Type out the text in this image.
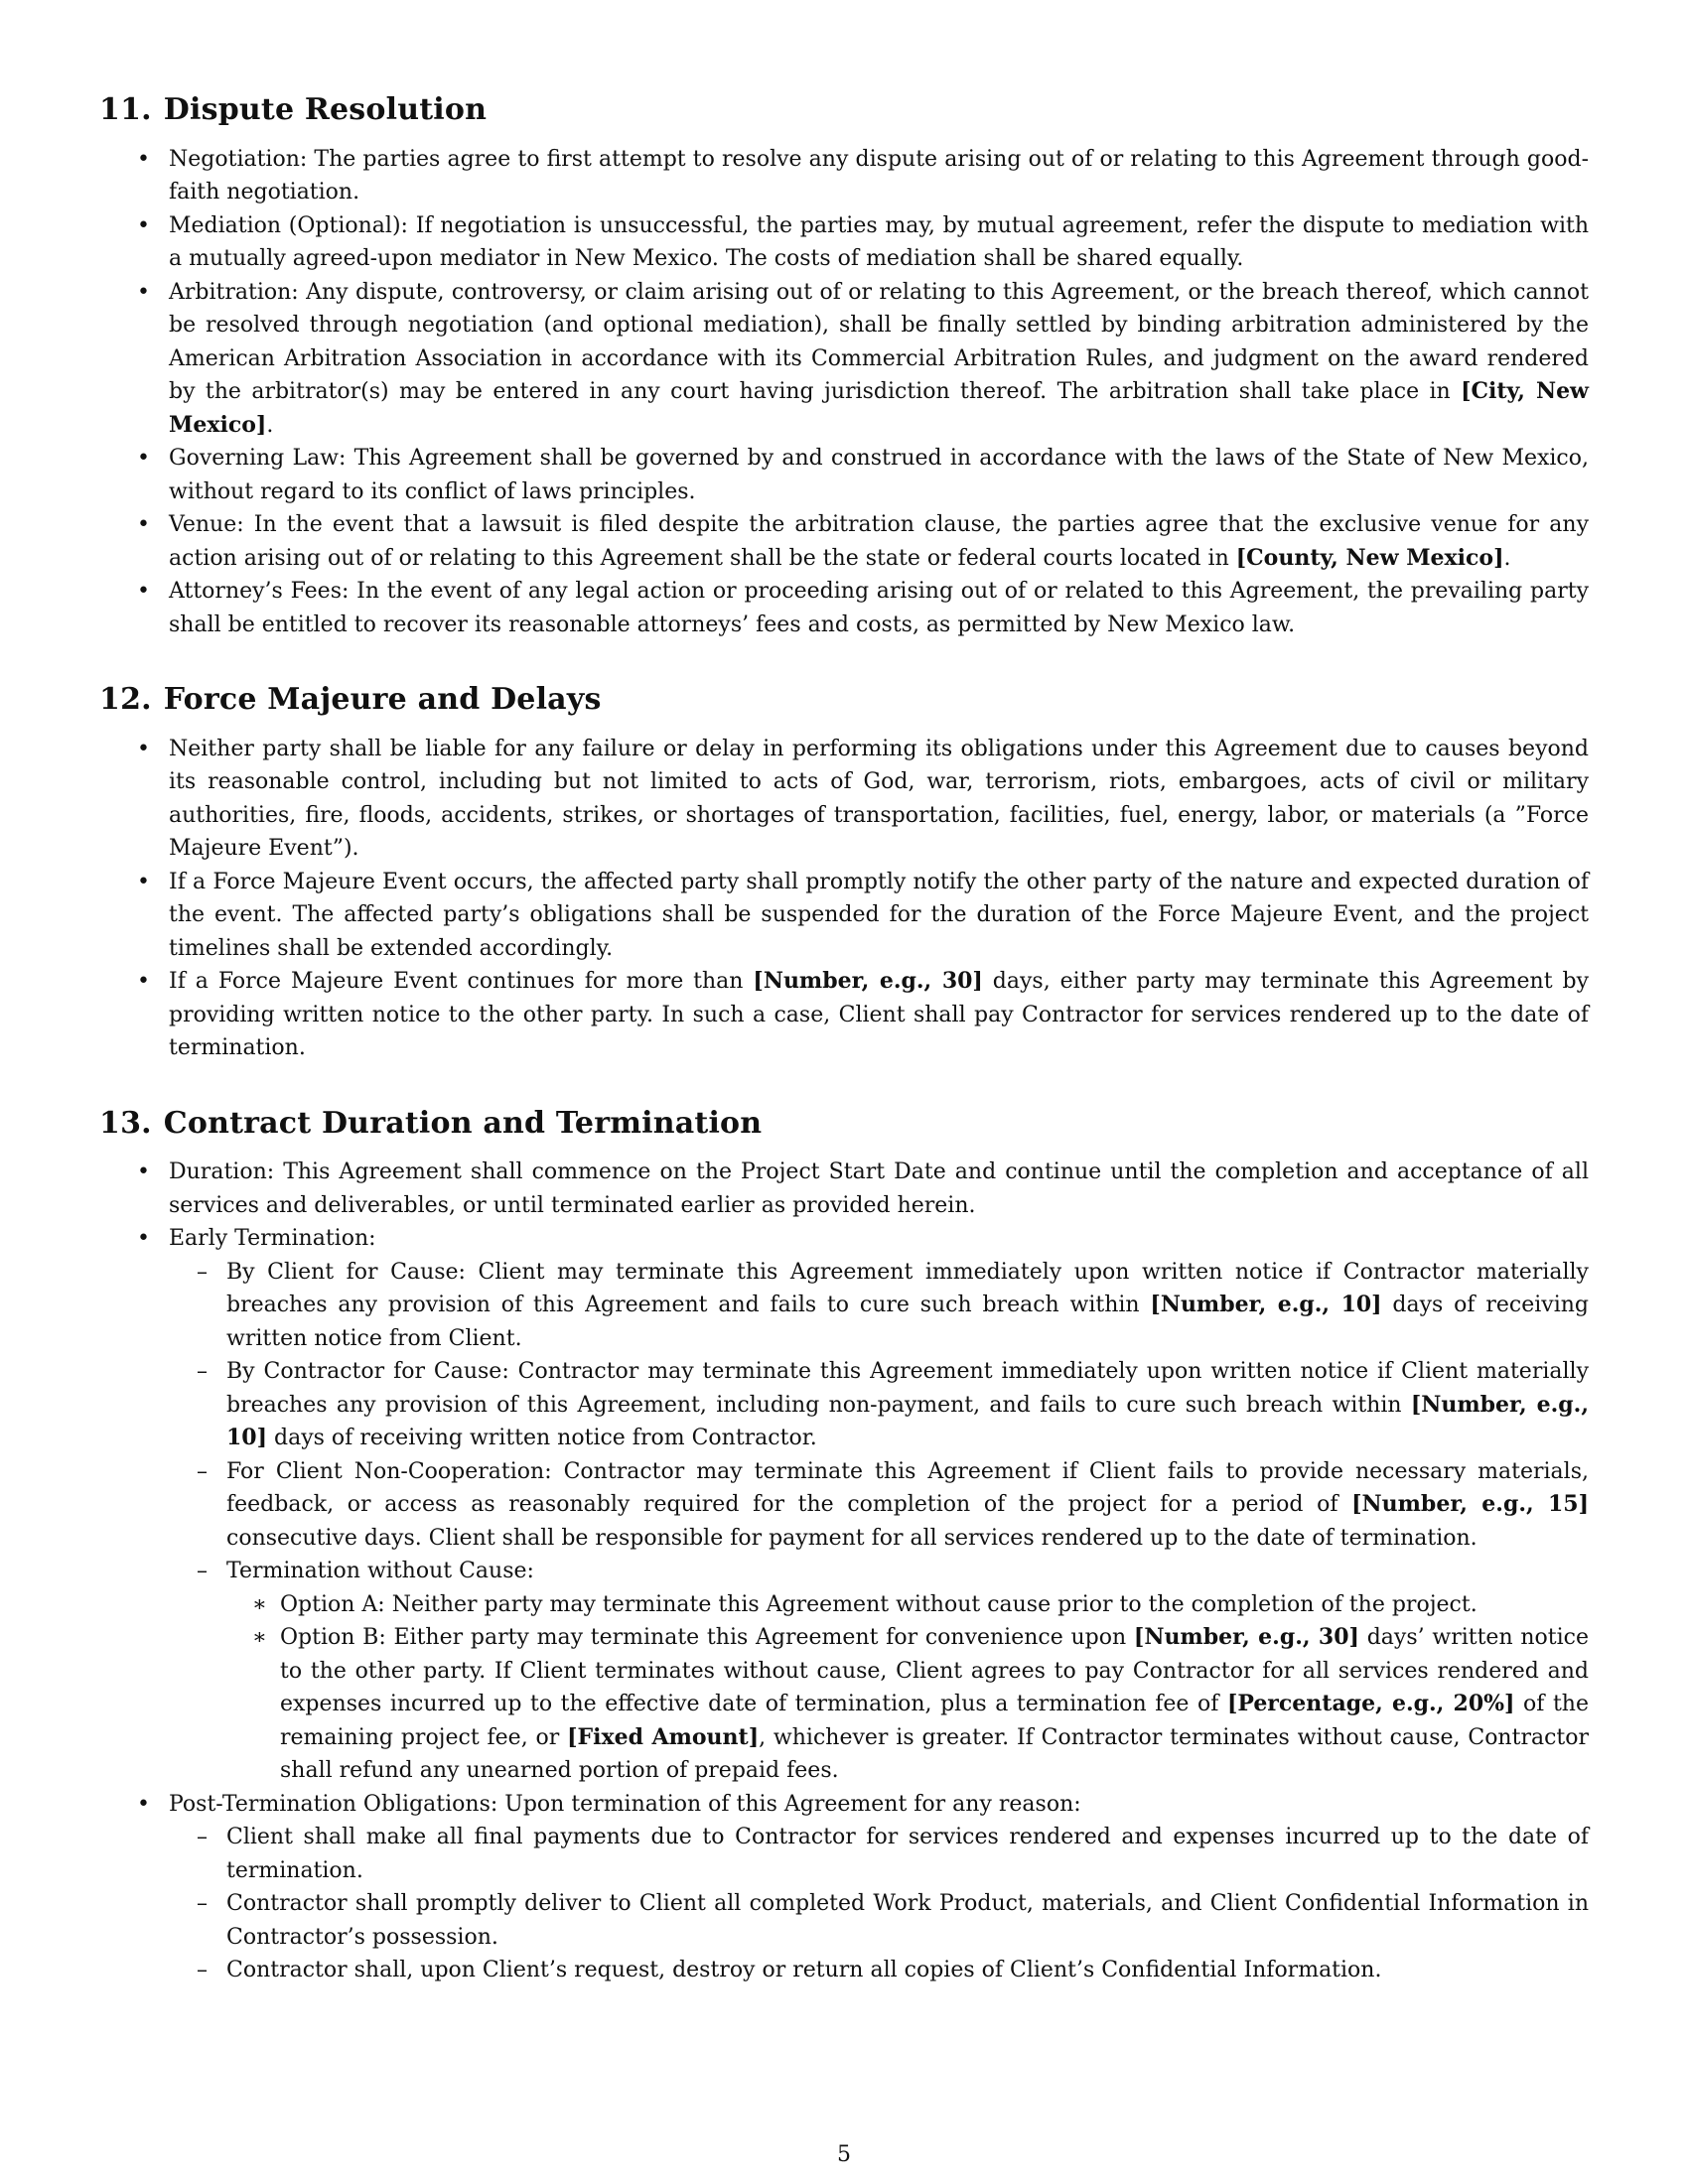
11. Dispute Resolution
• Negotiation: The parties agree to first attempt to resolve any dispute arising out of or relating to this Agreement through good-faith negotiation.
• Mediation (Optional): If negotiation is unsuccessful, the parties may, by mutual agreement, refer the dispute to mediation with a mutually agreed-upon mediator in New Mexico. The costs of mediation shall be shared equally.
• Arbitration: Any dispute, controversy, or claim arising out of or relating to this Agreement, or the breach thereof, which cannot be resolved through negotiation (and optional mediation), shall be finally settled by binding arbitration administered by the American Arbitration Association in accordance with its Commercial Arbitration Rules, and judgment on the award rendered by the arbitrator(s) may be entered in any court having jurisdiction thereof. The arbitration shall take place in [City, New Mexico].
• Governing Law: This Agreement shall be governed by and construed in accordance with the laws of the State of New Mexico, without regard to its conflict of laws principles.
• Venue: In the event that a lawsuit is filed despite the arbitration clause, the parties agree that the exclusive venue for any action arising out of or relating to this Agreement shall be the state or federal courts located in [County, New Mexico].
• Attorney’s Fees: In the event of any legal action or proceeding arising out of or related to this Agreement, the prevailing party shall be entitled to recover its reasonable attorneys’ fees and costs, as permitted by New Mexico law.
12. Force Majeure and Delays
• Neither party shall be liable for any failure or delay in performing its obligations under this Agreement due to causes beyond its reasonable control, including but not limited to acts of God, war, terrorism, riots, embargoes, acts of civil or military authorities, fire, floods, accidents, strikes, or shortages of transportation, facilities, fuel, energy, labor, or materials (a ”Force Majeure Event”).
• If a Force Majeure Event occurs, the affected party shall promptly notify the other party of the nature and expected duration of the event. The affected party’s obligations shall be suspended for the duration of the Force Majeure Event, and the project timelines shall be extended accordingly.
• If a Force Majeure Event continues for more than [Number, e.g., 30] days, either party may terminate this Agreement by providing written notice to the other party. In such a case, Client shall pay Contractor for services rendered up to the date of termination.
13. Contract Duration and Termination
• Duration: This Agreement shall commence on the Project Start Date and continue until the completion and acceptance of all services and deliverables, or until terminated earlier as provided herein.
• Early Termination:
– By Client for Cause: Client may terminate this Agreement immediately upon written notice if Contractor materially breaches any provision of this Agreement and fails to cure such breach within [Number, e.g., 10] days of receiving written notice from Client.
– By Contractor for Cause: Contractor may terminate this Agreement immediately upon written notice if Client materially breaches any provision of this Agreement, including non-payment, and fails to cure such breach within [Number, e.g., 10] days of receiving written notice from Contractor.
– For Client Non-Cooperation: Contractor may terminate this Agreement if Client fails to provide necessary materials, feedback, or access as reasonably required for the completion of the project for a period of [Number, e.g., 15] consecutive days. Client shall be responsible for payment for all services rendered up to the date of termination.
– Termination without Cause:
∗ Option A: Neither party may terminate this Agreement without cause prior to the completion of the project.
∗ Option B: Either party may terminate this Agreement for convenience upon [Number, e.g., 30] days’ written notice to the other party. If Client terminates without cause, Client agrees to pay Contractor for all services rendered and expenses incurred up to the effective date of termination, plus a termination fee of [Percentage, e.g., 20%] of the remaining project fee, or [Fixed Amount], whichever is greater. If Contractor terminates without cause, Contractor shall refund any unearned portion of prepaid fees.
• Post-Termination Obligations: Upon termination of this Agreement for any reason:
– Client shall make all final payments due to Contractor for services rendered and expenses incurred up to the date of termination.
– Contractor shall promptly deliver to Client all completed Work Product, materials, and Client Confidential Information in Contractor’s possession.
– Contractor shall, upon Client’s request, destroy or return all copies of Client’s Confidential Information.
5
